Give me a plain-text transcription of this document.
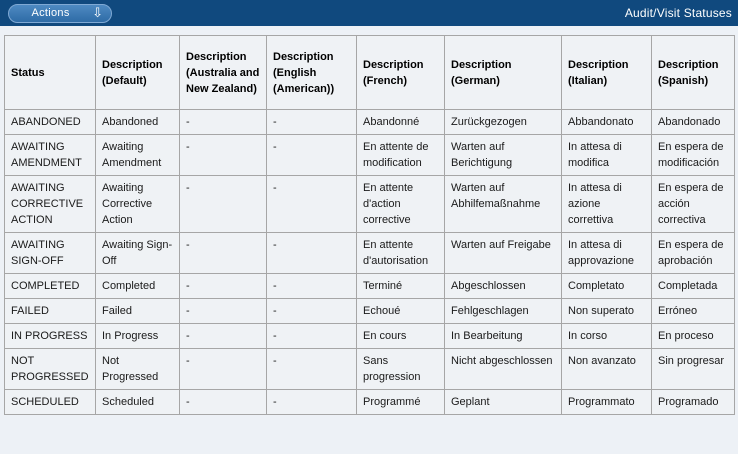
Actions	⇩	Audit/Visit Statuses
Status	Description (Default)	Description (Australia and New Zealand)	Description (English (American))	Description (French)	Description (German)	Description (Italian)	Description (Spanish)
ABANDONED	Abandoned	-	-	Abandonné	Zurückgezogen	Abbandonato	Abandonado
AWAITING AMENDMENT	Awaiting Amendment	-	-	En attente de modification	Warten auf Berichtigung	In attesa di modifica	En espera de modificación
AWAITING CORRECTIVE ACTION	Awaiting Corrective Action	-	-	En attente d'action corrective	Warten auf Abhilfemaßnahme	In attesa di azione correttiva	En espera de acción correctiva
AWAITING SIGN-OFF	Awaiting Sign-Off	-	-	En attente d'autorisation	Warten auf Freigabe	In attesa di approvazione	En espera de aprobación
COMPLETED	Completed	-	-	Terminé	Abgeschlossen	Completato	Completada
FAILED	Failed	-	-	Echoué	Fehlgeschlagen	Non superato	Erróneo
IN PROGRESS	In Progress	-	-	En cours	In Bearbeitung	In corso	En proceso
NOT PROGRESSED	Not Progressed	-	-	Sans progression	Nicht abgeschlossen	Non avanzato	Sin progresar
SCHEDULED	Scheduled	-	-	Programmé	Geplant	Programmato	Programado
